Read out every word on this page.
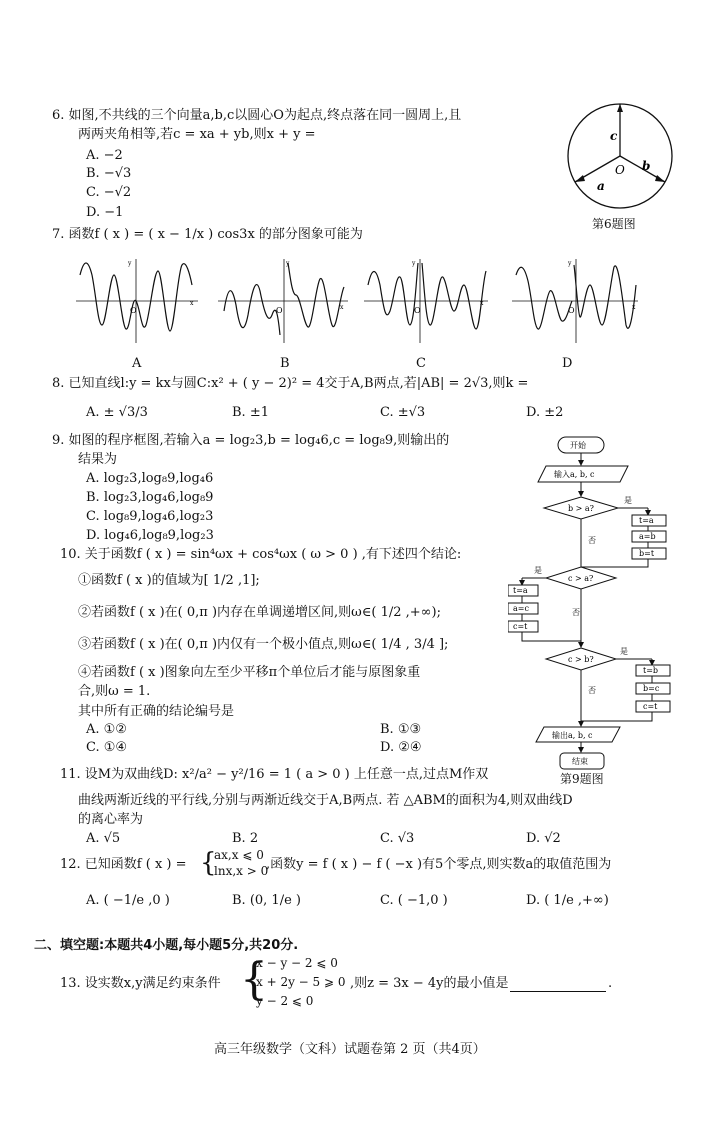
6. 如图,不共线的三个向量a,b,c以圆心O为起点,终点落在同一圆周上,且
两两夹角相等,若c = xa + yb,则x + y =
A. −2
B. −√3
C. −√2
D. −1
c
O
a
b
第6题图
7. 函数f ( x ) = ( x − 1/x ) cos3x 的部分图象可能为
y
O
x
y
O	x
y
O
x
y
O	x
A	B	C	D
8. 已知直线l:y = kx与圆C:x² + ( y − 2)² = 4交于A,B两点,若|AB| = 2√3,则k =
A. ± √3/3	B. ±1	C. ±√3	D. ±2
9. 如图的程序框图,若输入a = log₂3,b = log₄6,c = log₈9,则输出的
结果为
A. log₂3,log₈9,log₄6
B. log₂3,log₄6,log₈9
C. log₈9,log₄6,log₂3
D. log₄6,log₈9,log₂3
开始
输入a, b, c
b > a?
是
t=a
a=b
b=t
否
c > a?
是
t=a
a=c
c=t
否
c > b?
是
t=b
b=c
c=t
否
输出a, b, c
结束
第9题图
10. 关于函数f ( x ) = sin⁴ωx + cos⁴ωx ( ω > 0 ) ,有下述四个结论:
①函数f ( x )的值域为[ 1/2 ,1];
②若函数f ( x )在( 0,π )内存在单调递增区间,则ω∈( 1/2 ,+∞);
③若函数f ( x )在( 0,π )内仅有一个极小值点,则ω∈( 1/4 , 3/4 ];
④若函数f ( x )图象向左至少平移π个单位后才能与原图象重
合,则ω = 1.
其中所有正确的结论编号是
A. ①②	B. ①③
C. ①④	D. ②④
11. 设M为双曲线D: x²/a² − y²/16 = 1 ( a > 0 ) 上任意一点,过点M作双
曲线两渐近线的平行线,分别与两渐近线交于A,B两点. 若 △ABM的面积为4,则双曲线D
的离心率为
A. √5	B. 2	C. √3	D. √2
12. 已知函数f ( x ) = {
ax,x ⩽ 0
lnx,x > 0
,函数y = f ( x ) − f ( −x )有5个零点,则实数a的取值范围为
A. ( −1/e ,0 )	B. (0, 1/e )	C. ( −1,0 )	D. ( 1/e ,+∞)
二、填空题:本题共4小题,每小题5分,共20分.
13. 设实数x,y满足约束条件 {
x − y − 2 ⩽ 0
x + 2y − 5 ⩾ 0
y − 2 ⩽ 0
,则z = 3x − 4y的最小值是	.
高三年级数学（文科）试题卷第 2 页（共4页）
